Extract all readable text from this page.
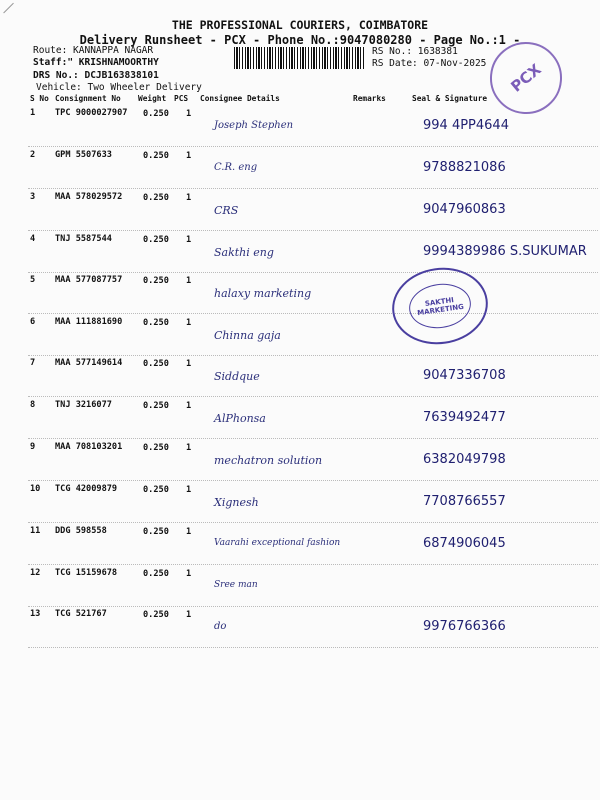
THE PROFESSIONAL COURIERS, COIMBATORE
Delivery Runsheet - PCX - Phone No.:9047080280 - Page No.:1 -
Route: KANNAPPA NAGAR
Staff:" KRISHNAMOORTHY
DRS No.: DCJB163838101
Vehicle: Two Wheeler Delivery
RS No.: 1638381
RS Date: 07-Nov-2025	PCX
S No Consignment No Weight PCS Consignee Details	Remarks	Seal & Signature
1 TPC 9000027907 0.250 1
Joseph Stephen	994 4PP4644
2 GPM 5507633	0.250 1
C.R. eng	9788821086
3 MAA 578029572 0.250 1
CRS	9047960863
4 TNJ 5587544	0.250 1
Sakthi eng	9994389986 S.SUKUMAR
5 MAA 577087757 0.250 1
halaxy marketing
6 MAA 111881690 0.250 1
Chinna gaja
7 MAA 577149614 0.250 1
Siddque	9047336708
8 TNJ 3216077	0.250 1
AlPhonsa	7639492477
9 MAA 708103201 0.250 1
mechatron solution	6382049798
10 TCG 42009879	0.250 1
Xignesh	7708766557
11 DDG 598558	0.250 1
Vaarahi exceptional fashion	6874906045
12 TCG 15159678	0.250 1
Sree man
13 TCG 521767	0.250 1
do	9976766366
SAKTHI MARKETING
